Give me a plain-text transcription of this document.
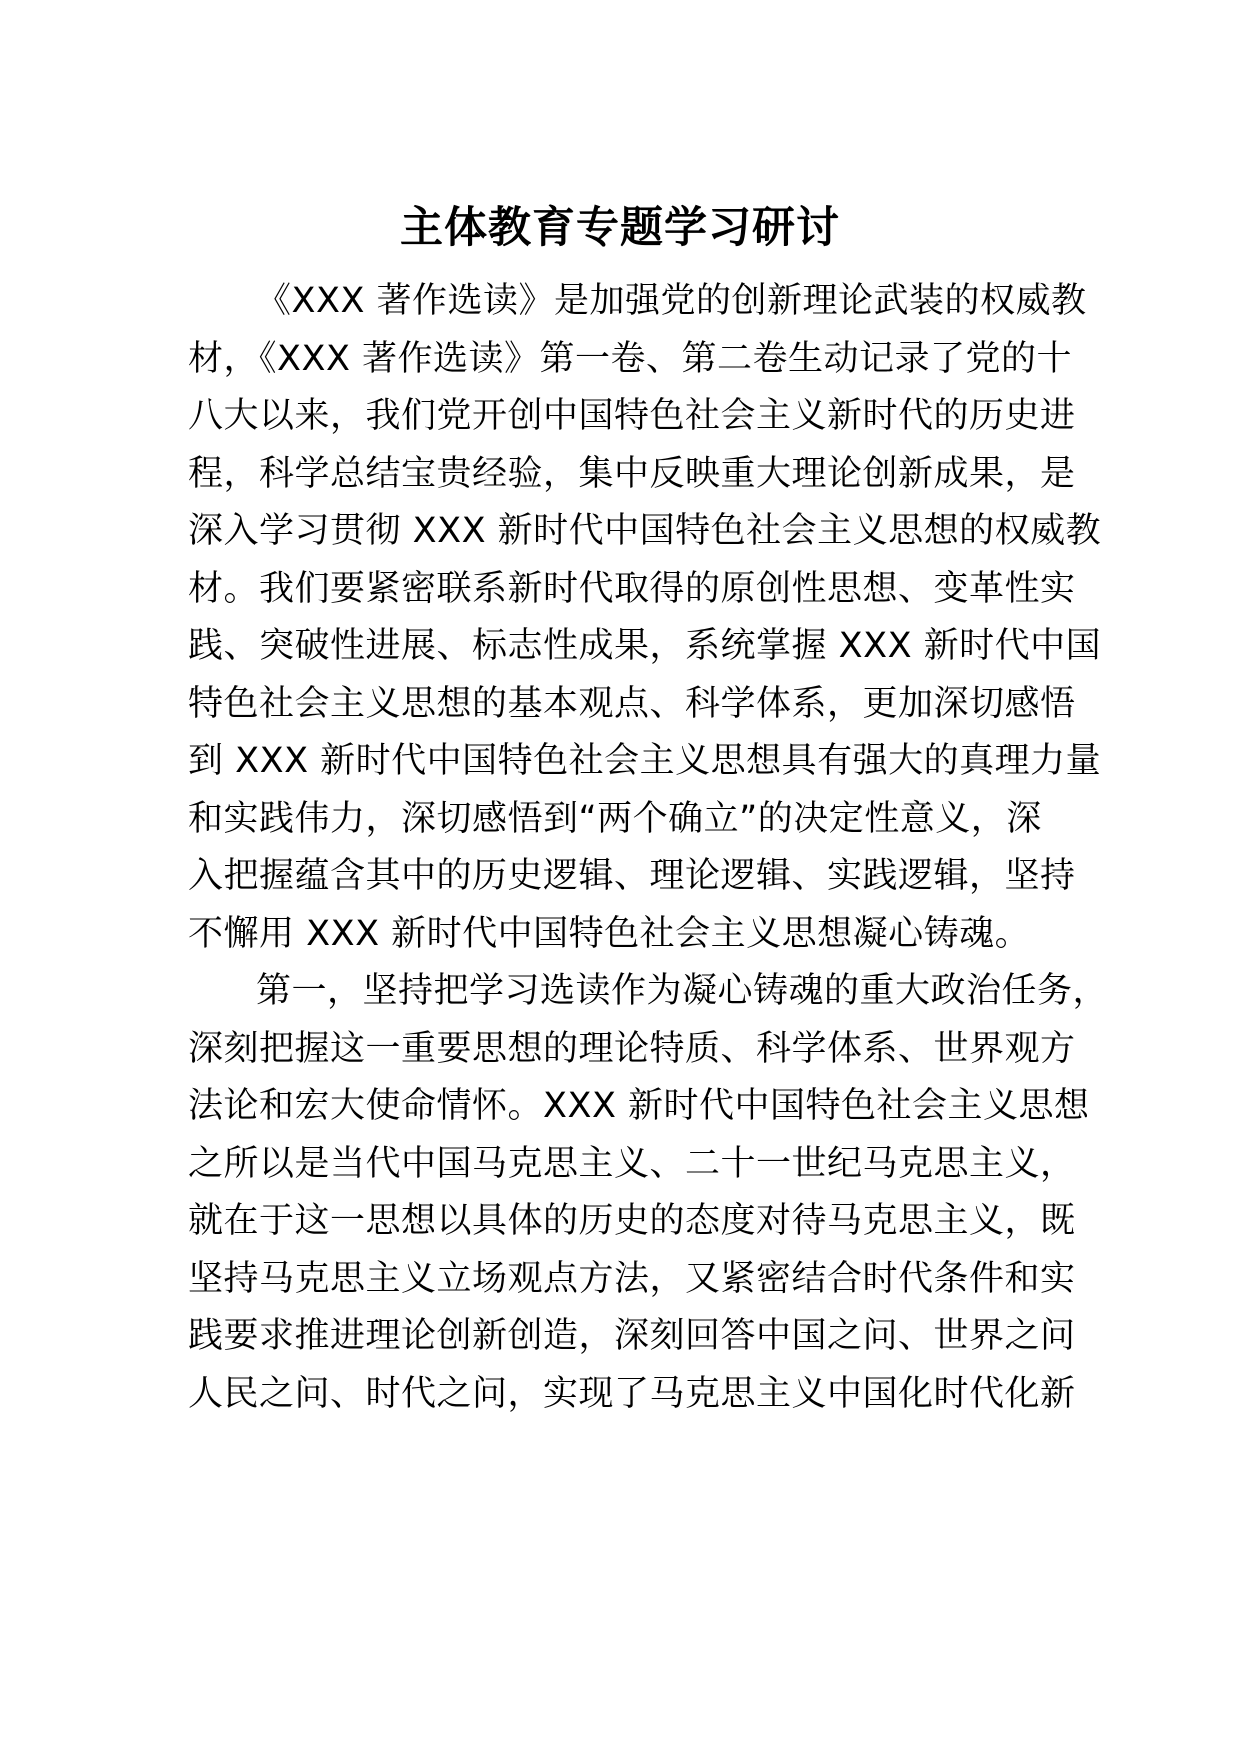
主体教育专题学习研讨
《XXX 著作选读》是加强党的创新理论武装的权威教
材，《XXX 著作选读》第一卷、第二卷生动记录了党的十
八大以来，我们党开创中国特色社会主义新时代的历史进
程，科学总结宝贵经验，集中反映重大理论创新成果，是
深入学习贯彻 XXX 新时代中国特色社会主义思想的权威教
材。我们要紧密联系新时代取得的原创性思想、变革性实
践、突破性进展、标志性成果，系统掌握 XXX 新时代中国
特色社会主义思想的基本观点、科学体系，更加深切感悟
到 XXX 新时代中国特色社会主义思想具有强大的真理力量
和实践伟力，深切感悟到“两个确立”的决定性意义，深
入把握蕴含其中的历史逻辑、理论逻辑、实践逻辑，坚持
不懈用 XXX 新时代中国特色社会主义思想凝心铸魂。
第一，坚持把学习选读作为凝心铸魂的重大政治任务，
深刻把握这一重要思想的理论特质、科学体系、世界观方
法论和宏大使命情怀。XXX 新时代中国特色社会主义思想
之所以是当代中国马克思主义、二十一世纪马克思主义，
就在于这一思想以具体的历史的态度对待马克思主义，既
坚持马克思主义立场观点方法，又紧密结合时代条件和实
践要求推进理论创新创造，深刻回答中国之问、世界之问
人民之问、时代之问，实现了马克思主义中国化时代化新
